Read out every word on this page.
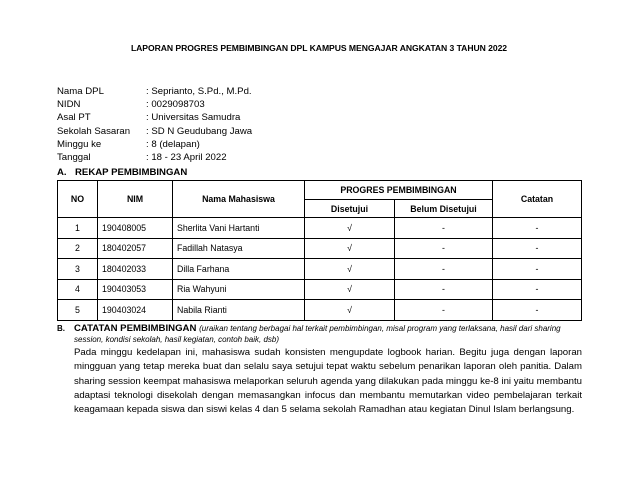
LAPORAN PROGRES PEMBIMBINGAN DPL KAMPUS MENGAJAR ANGKATAN 3 TAHUN 2022
Nama DPL	: Seprianto, S.Pd., M.Pd.
NIDN	: 0029098703
Asal PT	: Universitas Samudra
Sekolah Sasaran	: SD N Geudubang Jawa
Minggu ke	: 8 (delapan)
Tanggal	: 18 - 23 April 2022
A. REKAP PEMBIMBINGAN
NO	NIM	Nama Mahasiswa	PROGRES PEMBIMBINGAN		Catatan
			Disetujui	Belum Disetujui	
1	190408005	Sherlita Vani Hartanti	√	-	-
2	180402057	Fadillah Natasya	√	-	-
3	180402033	Dilla Farhana	√	-	-
4	190403053	Ria Wahyuni	√	-	-
5	190403024	Nabila Rianti	√	-	-
B. CATATAN PEMBIMBINGAN (uraikan tentang berbagai hal terkait pembimbingan, misal program yang terlaksana, hasil dari sharing session, kondisi sekolah, hasil kegiatan, contoh baik, dsb)
Pada minggu kedelapan ini, mahasiswa sudah konsisten mengupdate logbook harian. Begitu juga dengan laporan mingguan yang tetap mereka buat dan selalu saya setujui tepat waktu sebelum penarikan laporan oleh panitia. Dalam sharing session keempat mahasiswa melaporkan seluruh agenda yang dilakukan pada minggu ke-8 ini yaitu membantu adaptasi teknologi disekolah dengan memasangkan infocus dan membantu memutarkan video pembelajaran terkait keagamaan kepada siswa dan siswi kelas 4 dan 5 selama sekolah Ramadhan atau kegiatan Dinul Islam berlangsung.
